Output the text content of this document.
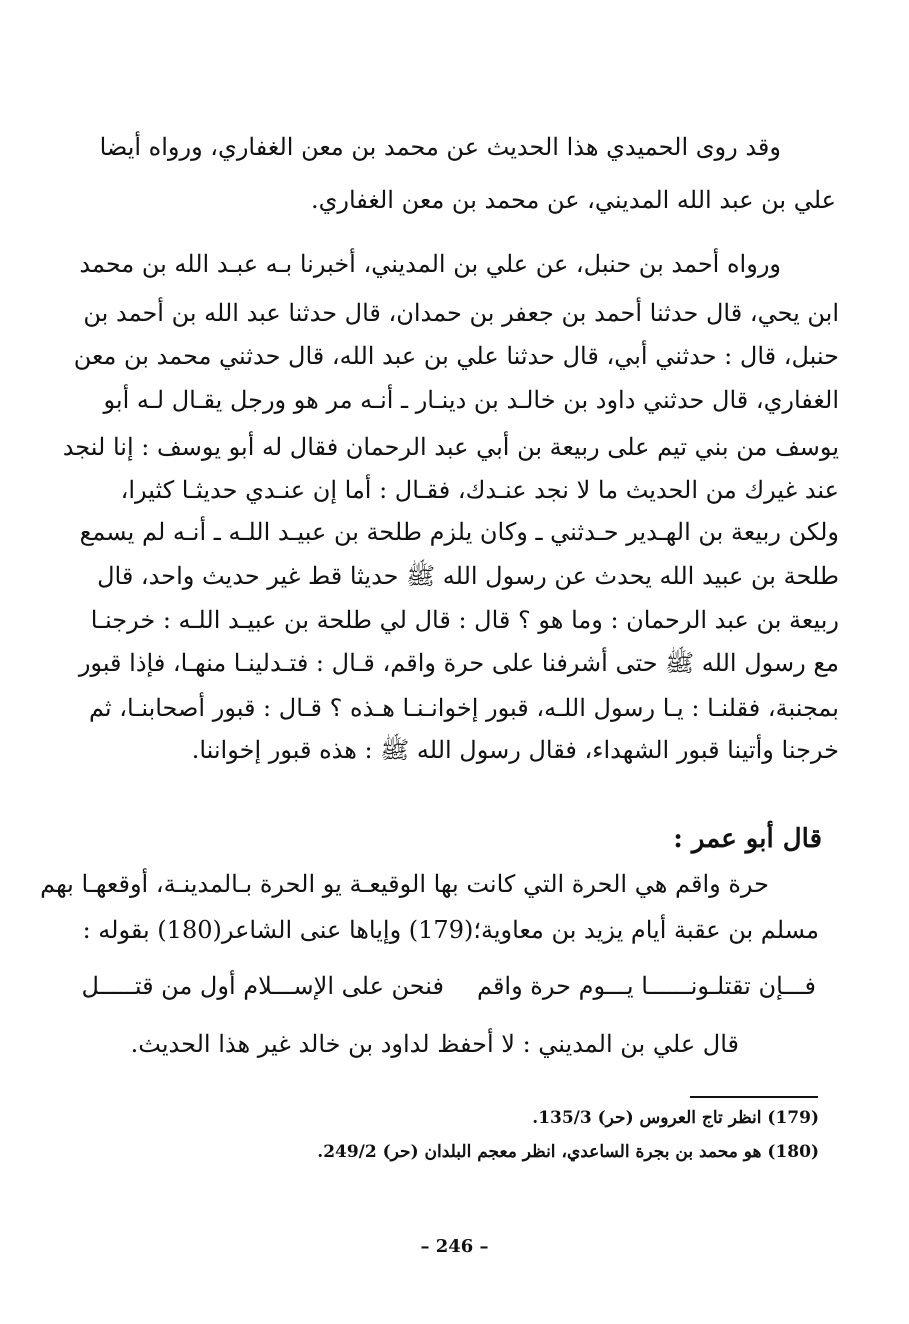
وقد روى الحميدي هذا الحديث عن محمد بن معن الغفاري، ورواه أيضا
علي بن عبد الله المديني، عن محمد بن معن الغفاري.
ورواه أحمد بن حنبل، عن علي بن المديني، أخبرنا بـه عبـد الله بن محمد
ابن يحي، قال حدثنا أحمد بن جعفر بن حمدان، قال حدثنا عبد الله بن أحمد بن
حنبل، قال : حدثني أبي، قال حدثنا علي بن عبد الله، قال حدثني محمد بن معن
الغفاري، قال حدثني داود بن خالـد بن دينـار ـ أنـه مر هو ورجل يقـال لـه أبو
يوسف من بني تيم على ربيعة بن أبي عبد الرحمان فقال له أبو يوسف : إنا لنجد
عند غيرك من الحديث ما لا نجد عنـدك، فقـال : أما إن عنـدي حديثـا كثيرا،
ولكن ربيعة بن الهـدير حـدثني ـ وكان يلزم طلحة بن عبيـد اللـه ـ أنـه لم يسمع
طلحة بن عبيد الله يحدث عن رسول الله ﷺ حديثا قط غير حديث واحد، قال
ربيعة بن عبد الرحمان : وما هو ؟ قال : قال لي طلحة بن عبيـد اللـه : خرجنـا
مع رسول الله ﷺ حتى أشرفنا على حرة واقم، قـال : فتـدلينـا منهـا، فإذا قبور
بمجنبة، فقلنـا : يـا رسول اللـه، قبور إخوانـنـا هـذه ؟ قـال : قبور أصحابنـا، ثم
خرجنا وأتينا قبور الشهداء، فقال رسول الله ﷺ : هذه قبور إخواننا.
قال أبو عمر :
حرة واقم هي الحرة التي كانت بها الوقيعـة يو الحرة بـالمدينـة، أوقعهـا بهم
مسلم بن عقبة أيام يزيد بن معاوية؛(179) وإياها عنى الشاعر(180) بقوله :
فـــإن تقتلـونــــــا يـــوم حرة واقم
فنحن على الإســـلام أول من قتـــــل
قال علي بن المديني : لا أحفظ لداود بن خالد غير هذا الحديث.
(179) انظر تاج العروس (حر) 135/3.
(180) هو محمد بن بجرة الساعدي، انظر معجم البلدان (حر) 249/2.
– 246 –
